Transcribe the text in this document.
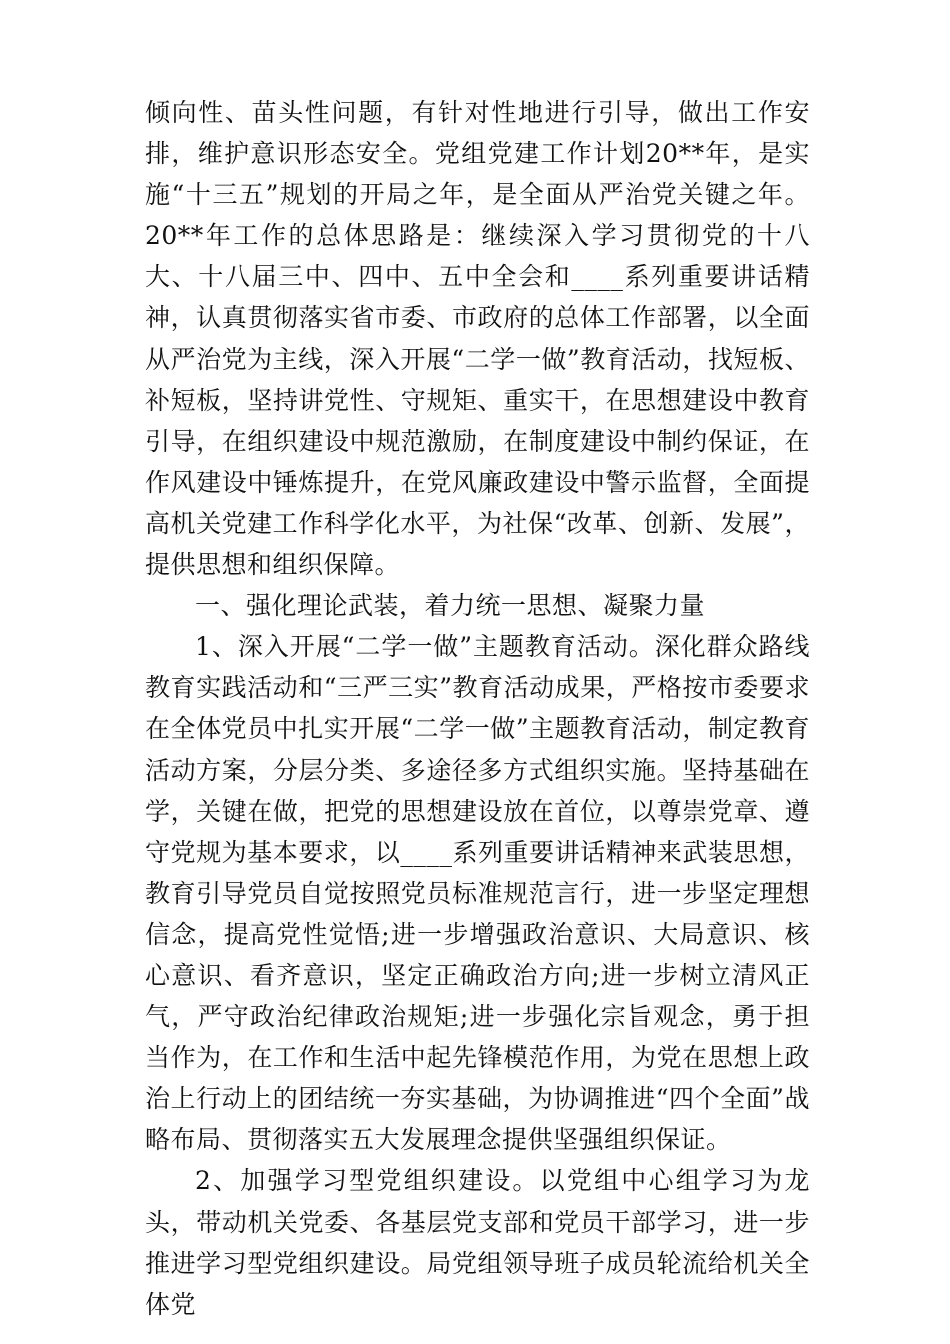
倾向性、苗头性问题，有针对性地进行引导，做出工作安排，维护意识形态安全。党组党建工作计划20**年，是实施“十三五”规划的开局之年，是全面从严治党关键之年。20**年工作的总体思路是：继续深入学习贯彻党的十八大、十八届三中、四中、五中全会和____系列重要讲话精神，认真贯彻落实省市委、市政府的总体工作部署，以全面从严治党为主线，深入开展“二学一做”教育活动，找短板、补短板，坚持讲党性、守规矩、重实干，在思想建设中教育引导，在组织建设中规范激励，在制度建设中制约保证，在作风建设中锤炼提升，在党风廉政建设中警示监督，全面提高机关党建工作科学化水平，为社保“改革、创新、发展”，提供思想和组织保障。

一、强化理论武装，着力统一思想、凝聚力量

1、深入开展“二学一做”主题教育活动。深化群众路线教育实践活动和“三严三实”教育活动成果，严格按市委要求在全体党员中扎实开展“二学一做”主题教育活动，制定教育活动方案，分层分类、多途径多方式组织实施。坚持基础在学，关键在做，把党的思想建设放在首位，以尊崇党章、遵守党规为基本要求，以____系列重要讲话精神来武装思想，教育引导党员自觉按照党员标准规范言行，进一步坚定理想信念，提高党性觉悟;进一步增强政治意识、大局意识、核心意识、看齐意识，坚定正确政治方向;进一步树立清风正气，严守政治纪律政治规矩;进一步强化宗旨观念，勇于担当作为，在工作和生活中起先锋模范作用，为党在思想上政治上行动上的团结统一夯实基础，为协调推进“四个全面”战略布局、贯彻落实五大发展理念提供坚强组织保证。

2、加强学习型党组织建设。以党组中心组学习为龙头，带动机关党委、各基层党支部和党员干部学习，进一步推进学习型党组织建设。局党组领导班子成员轮流给机关全体党
